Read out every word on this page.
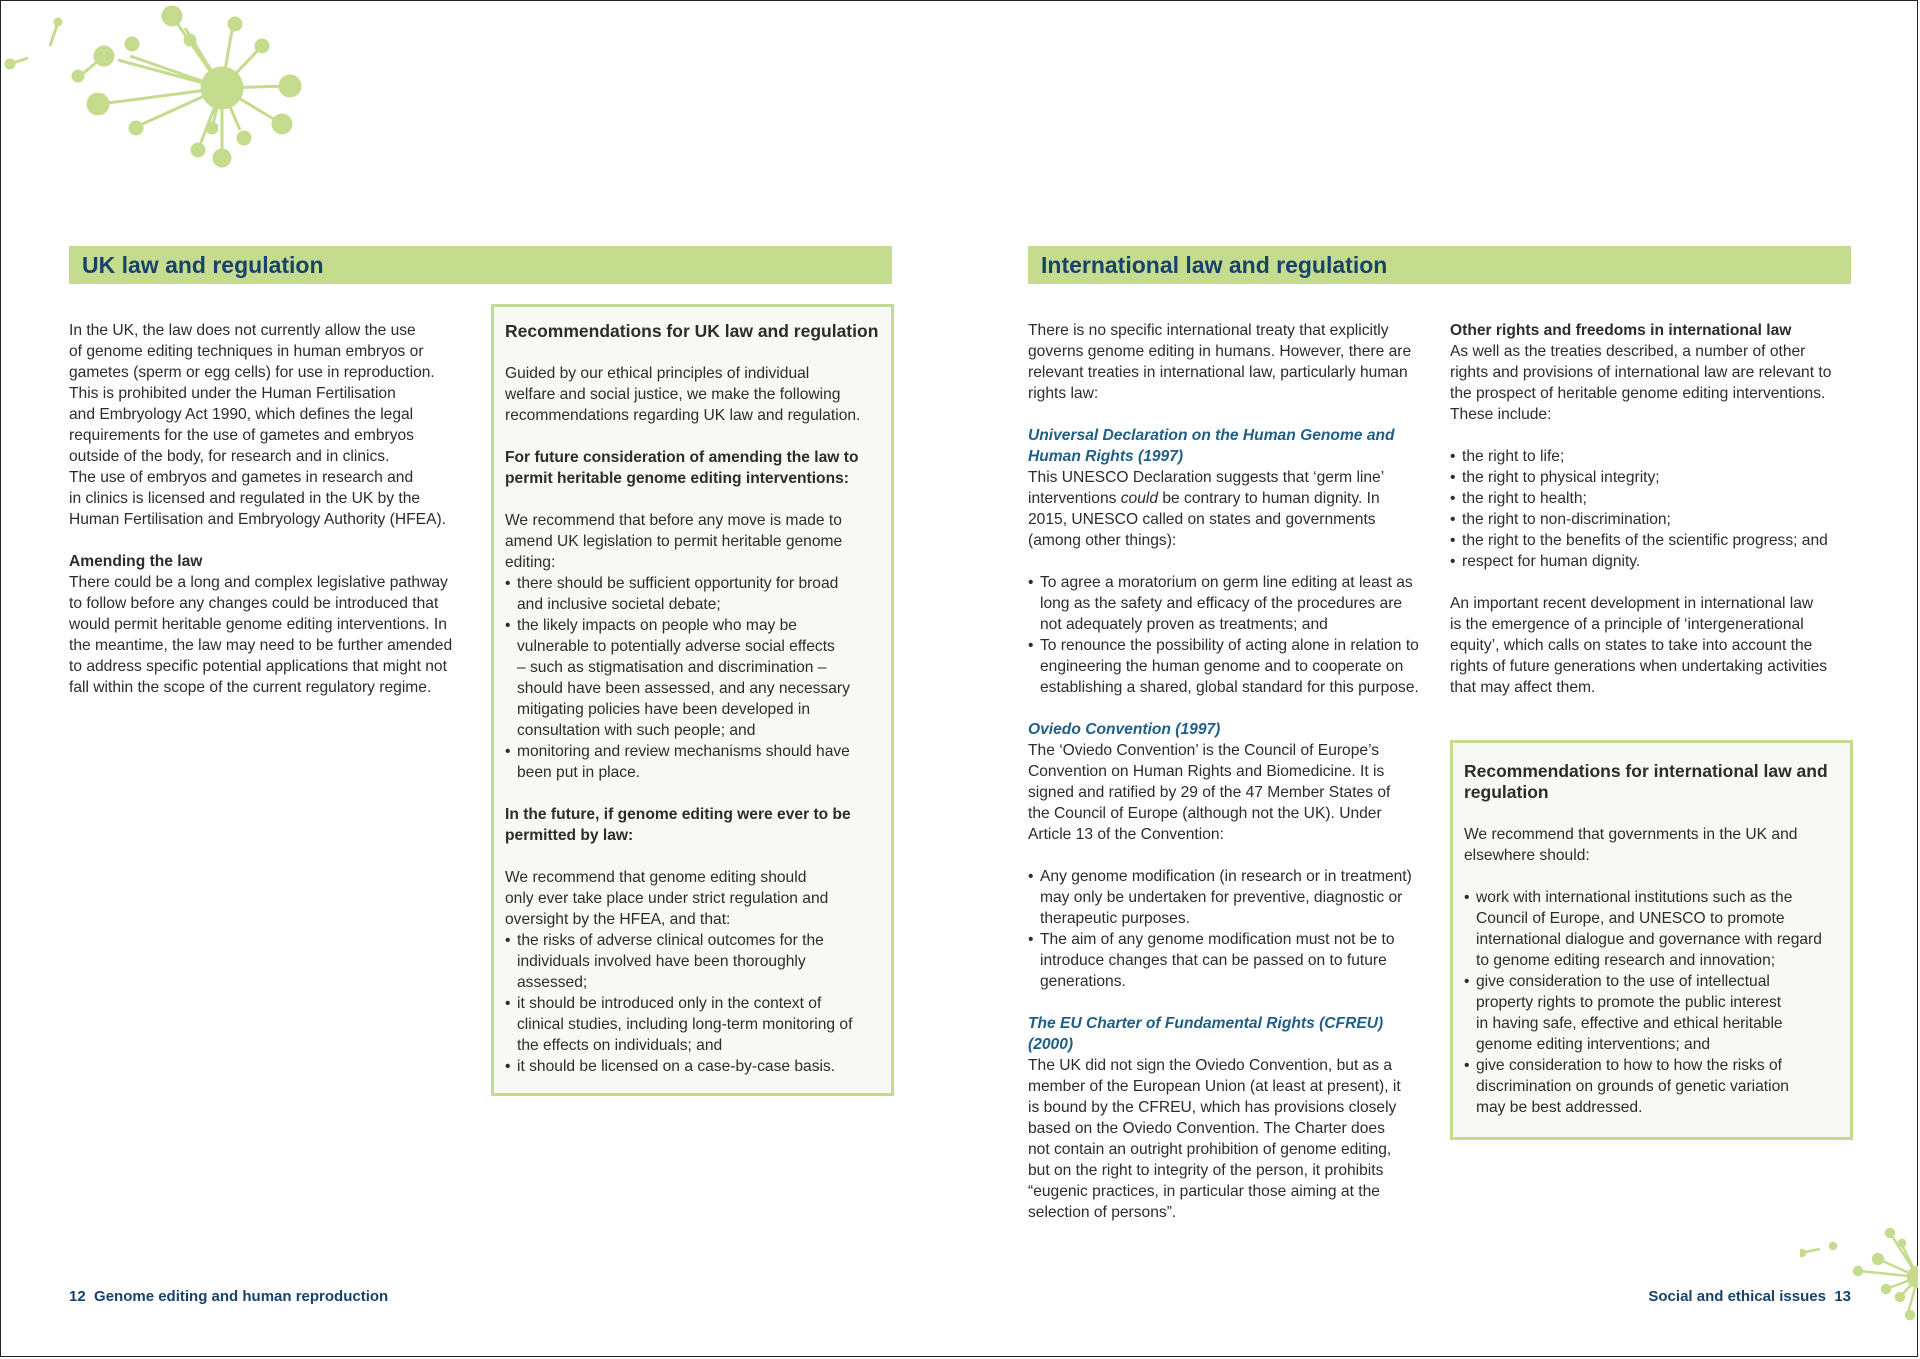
UK law and regulation

In the UK, the law does not currently allow the use

of genome editing techniques in human embryos or

gametes (sperm or egg cells) for use in reproduction.

This is prohibited under the Human Fertilisation

and Embryology Act 1990, which defines the legal

requirements for the use of gametes and embryos

outside of the body, for research and in clinics.

The use of embryos and gametes in research and

in clinics is licensed and regulated in the UK by the

Human Fertilisation and Embryology Authority (HFEA).

Amending the law

There could be a long and complex legislative pathway

to follow before any changes could be introduced that

would permit heritable genome editing interventions. In

the meantime, the law may need to be further amended

to address specific potential applications that might not

fall within the scope of the current regulatory regime.

Recommendations for UK law and regulation

Guided by our ethical principles of individual

welfare and social justice, we make the following

recommendations regarding UK law and regulation.

For future consideration of amending the law to

permit heritable genome editing interventions:

We recommend that before any move is made to

amend UK legislation to permit heritable genome

editing:

• there should be sufficient opportunity for broad

and inclusive societal debate;

• the likely impacts on people who may be

vulnerable to potentially adverse social effects

– such as stigmatisation and discrimination –

should have been assessed, and any necessary

mitigating policies have been developed in

consultation with such people; and

• monitoring and review mechanisms should have

been put in place.

In the future, if genome editing were ever to be

permitted by law:

We recommend that genome editing should

only ever take place under strict regulation and

oversight by the HFEA, and that:

• the risks of adverse clinical outcomes for the

individuals involved have been thoroughly

assessed;

• it should be introduced only in the context of

clinical studies, including long-term monitoring of

the effects on individuals; and

• it should be licensed on a case-by-case basis.

12 Genome editing and human reproduction
International law and regulation

There is no specific international treaty that explicitly

governs genome editing in humans. However, there are

relevant treaties in international law, particularly human

rights law:

Universal Declaration on the Human Genome and

Human Rights (1997)

This UNESCO Declaration suggests that ‘germ line’

interventions could be contrary to human dignity. In

2015, UNESCO called on states and governments

(among other things):

• To agree a moratorium on germ line editing at least as

long as the safety and efficacy of the procedures are

not adequately proven as treatments; and

• To renounce the possibility of acting alone in relation to

engineering the human genome and to cooperate on

establishing a shared, global standard for this purpose.

Oviedo Convention (1997)

The ‘Oviedo Convention’ is the Council of Europe’s

Convention on Human Rights and Biomedicine. It is

signed and ratified by 29 of the 47 Member States of

the Council of Europe (although not the UK). Under

Article 13 of the Convention:

• Any genome modification (in research or in treatment)

may only be undertaken for preventive, diagnostic or

therapeutic purposes.

• The aim of any genome modification must not be to

introduce changes that can be passed on to future

generations.

The EU Charter of Fundamental Rights (CFREU)

(2000)

The UK did not sign the Oviedo Convention, but as a

member of the European Union (at least at present), it

is bound by the CFREU, which has provisions closely

based on the Oviedo Convention. The Charter does

not contain an outright prohibition of genome editing,

but on the right to integrity of the person, it prohibits

“eugenic practices, in particular those aiming at the

selection of persons”.

Other rights and freedoms in international law

As well as the treaties described, a number of other

rights and provisions of international law are relevant to

the prospect of heritable genome editing interventions.

These include:

• the right to life;
• the right to physical integrity;
• the right to health;
• the right to non-discrimination;
• the right to the benefits of the scientific progress; and
• respect for human dignity.

An important recent development in international law

is the emergence of a principle of ‘intergenerational

equity’, which calls on states to take into account the

rights of future generations when undertaking activities

that may affect them.

Recommendations for international law and

regulation

We recommend that governments in the UK and

elsewhere should:

• work with international institutions such as the

Council of Europe, and UNESCO to promote

international dialogue and governance with regard

to genome editing research and innovation;

• give consideration to the use of intellectual

property rights to promote the public interest

in having safe, effective and ethical heritable

genome editing interventions; and

• give consideration to how to how the risks of

discrimination on grounds of genetic variation

may be best addressed.

Social and ethical issues 13
